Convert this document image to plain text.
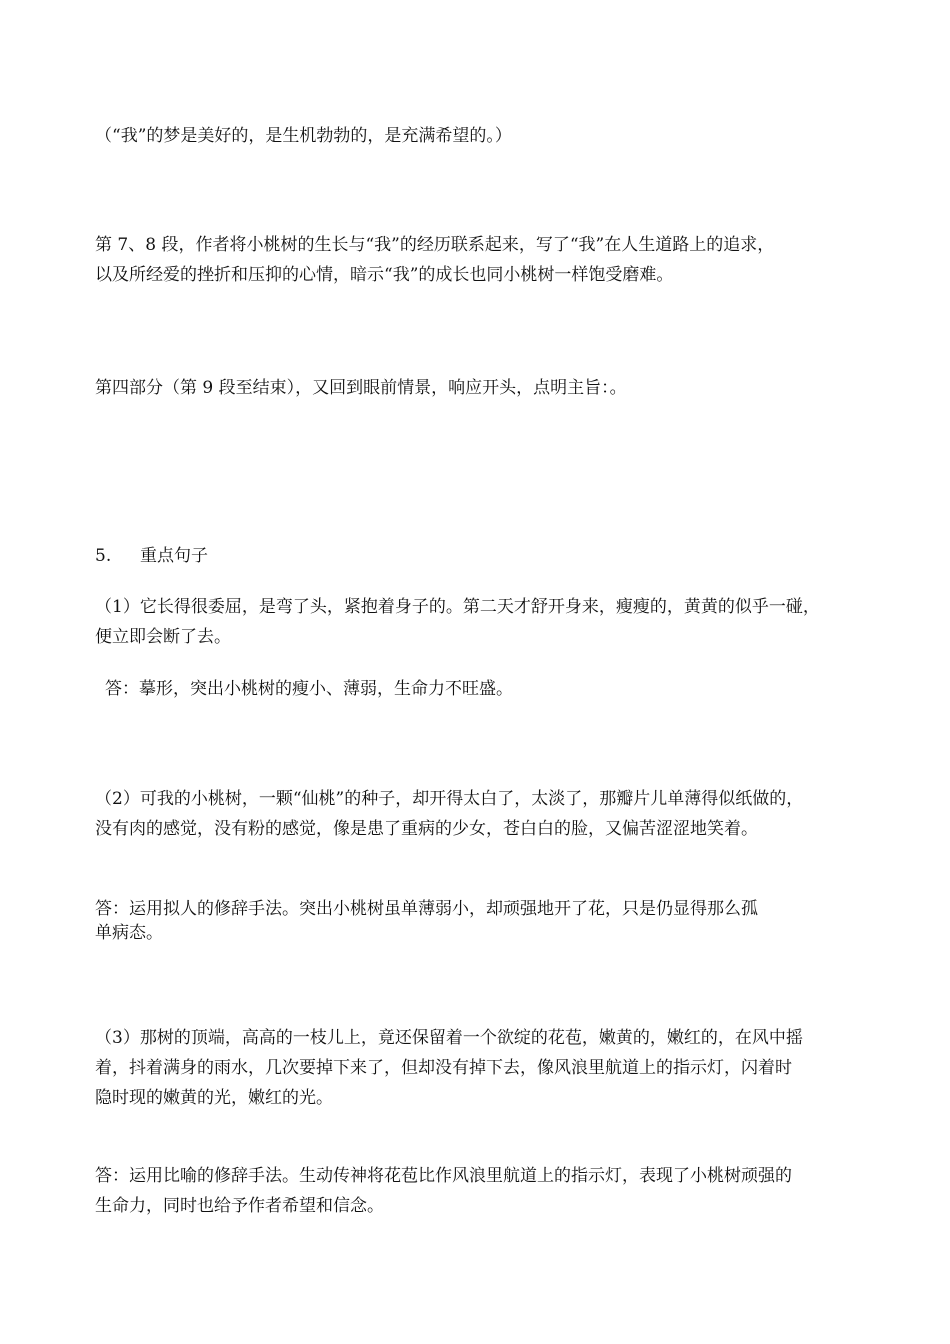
（“我”的梦是美好的，是生机勃勃的，是充满希望的。）

第 7、8 段，作者将小桃树的生长与“我”的经历联系起来，写了“我”在人生道路上的追求，
以及所经爱的挫折和压抑的心情，暗示“我”的成长也同小桃树一样饱受磨难。

第四部分（第 9 段至结束），又回到眼前情景，响应开头，点明主旨：。

5. 重点句子

（1）它长得很委屈，是弯了头，紧抱着身子的。第二天才舒开身来，瘦瘦的，黄黄的似乎一碰，
便立即会断了去。

答：摹形，突出小桃树的瘦小、薄弱，生命力不旺盛。

（2）可我的小桃树，一颗“仙桃”的种子，却开得太白了，太淡了，那瓣片儿单薄得似纸做的，
没有肉的感觉，没有粉的感觉，像是患了重病的少女，苍白白的脸，又偏苦涩涩地笑着。

答：运用拟人的修辞手法。突出小桃树虽单薄弱小，却顽强地开了花，只是仍显得那么孤
单病态。

（3）那树的顶端，高高的一枝儿上，竟还保留着一个欲绽的花苞，嫩黄的，嫩红的，在风中摇
着，抖着满身的雨水，几次要掉下来了，但却没有掉下去，像风浪里航道上的指示灯，闪着时
隐时现的嫩黄的光，嫩红的光。

答：运用比喻的修辞手法。生动传神将花苞比作风浪里航道上的指示灯，表现了小桃树顽强的
生命力，同时也给予作者希望和信念。
